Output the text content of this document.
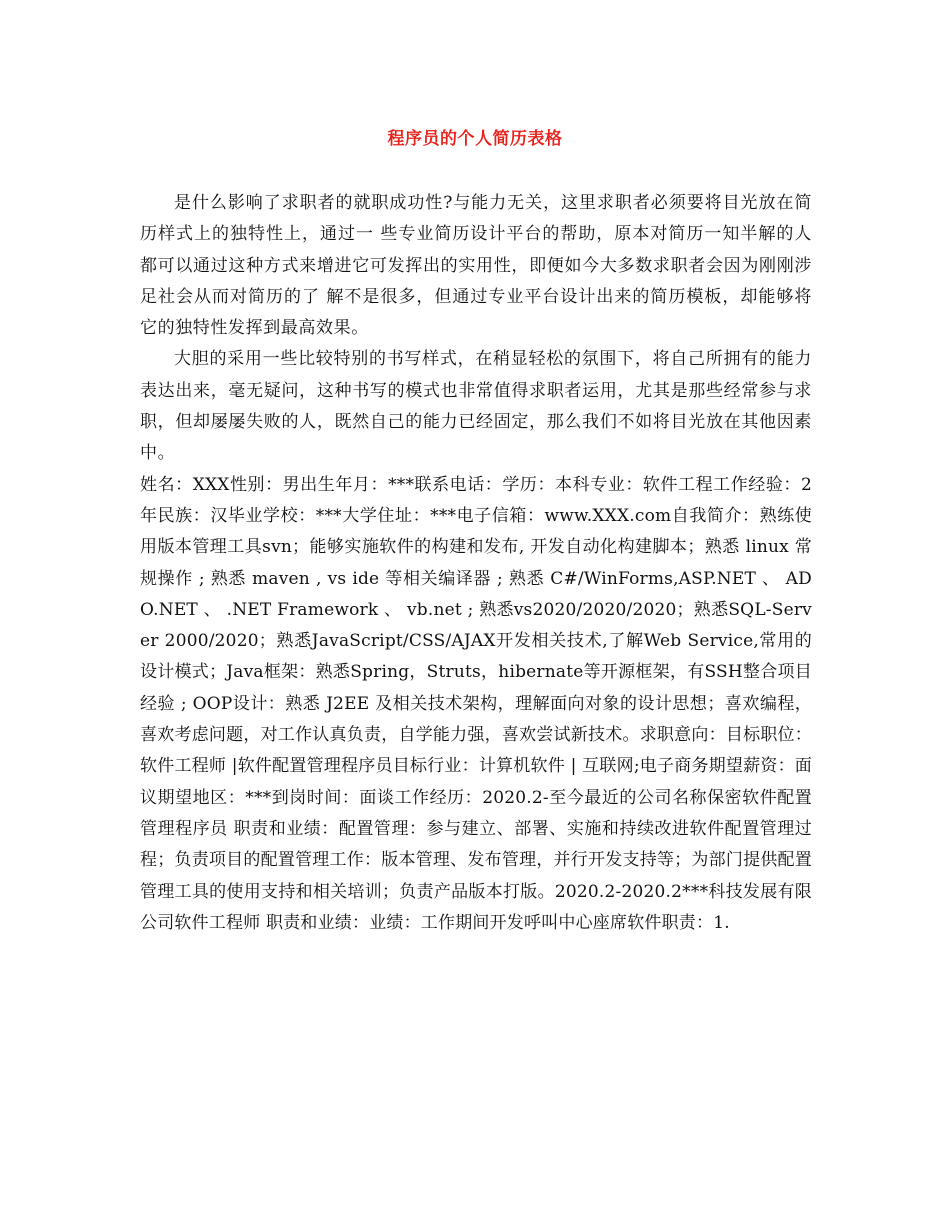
程序员的个人简历表格

是什么影响了求职者的就职成功性?与能力无关，这里求职者必须要将目光放在简历样式上的独特性上，通过一 些专业简历设计平台的帮助，原本对简历一知半解的人都可以通过这种方式来增进它可发挥出的实用性，即便如今大多数求职者会因为刚刚涉足社会从而对简历的了 解不是很多，但通过专业平台设计出来的简历模板，却能够将它的独特性发挥到最高效果。

大胆的采用一些比较特别的书写样式，在稍显轻松的氛围下，将自己所拥有的能力表达出来，毫无疑问，这种书写的模式也非常值得求职者运用，尤其是那些经常参与求职，但却屡屡失败的人，既然自己的能力已经固定，那么我们不如将目光放在其他因素中。

姓名：XXX性别：男出生年月：***联系电话：学历：本科专业：软件工程工作经验：2年民族：汉毕业学校：***大学住址：***电子信箱：www.XXX.com自我简介：熟练使用版本管理工具svn；能够实施软件的构建和发布, 开发自动化构建脚本；熟悉 linux 常规操作 ; 熟悉 maven , vs ide 等相关编译器 ; 熟悉 C#/WinForms,ASP.NET 、 ADO.NET 、 .NET Framework 、 vb.net ; 熟悉vs2020/2020/2020；熟悉SQL-Server 2000/2020；熟悉JavaScript/CSS/AJAX开发相关技术,了解Web Service,常用的设计模式；Java框架：熟悉Spring，Struts，hibernate等开源框架，有SSH整合项目经验 ; OOP设计：熟悉 J2EE 及相关技术架构，理解面向对象的设计思想；喜欢编程，喜欢考虑问题，对工作认真负责，自学能力强，喜欢尝试新技术。求职意向：目标职位：软件工程师 |软件配置管理程序员目标行业：计算机软件 | 互联网;电子商务期望薪资：面议期望地区：***到岗时间：面谈工作经历：2020.2-至今最近的公司名称保密软件配置管理程序员 职责和业绩：配置管理：参与建立、部署、实施和持续改进软件配置管理过程；负责项目的配置管理工作：版本管理、发布管理，并行开发支持等；为部门提供配置管理工具的使用支持和相关培训；负责产品版本打版。2020.2-2020.2***科技发展有限公司软件工程师 职责和业绩：业绩：工作期间开发呼叫中心座席软件职责：1.
